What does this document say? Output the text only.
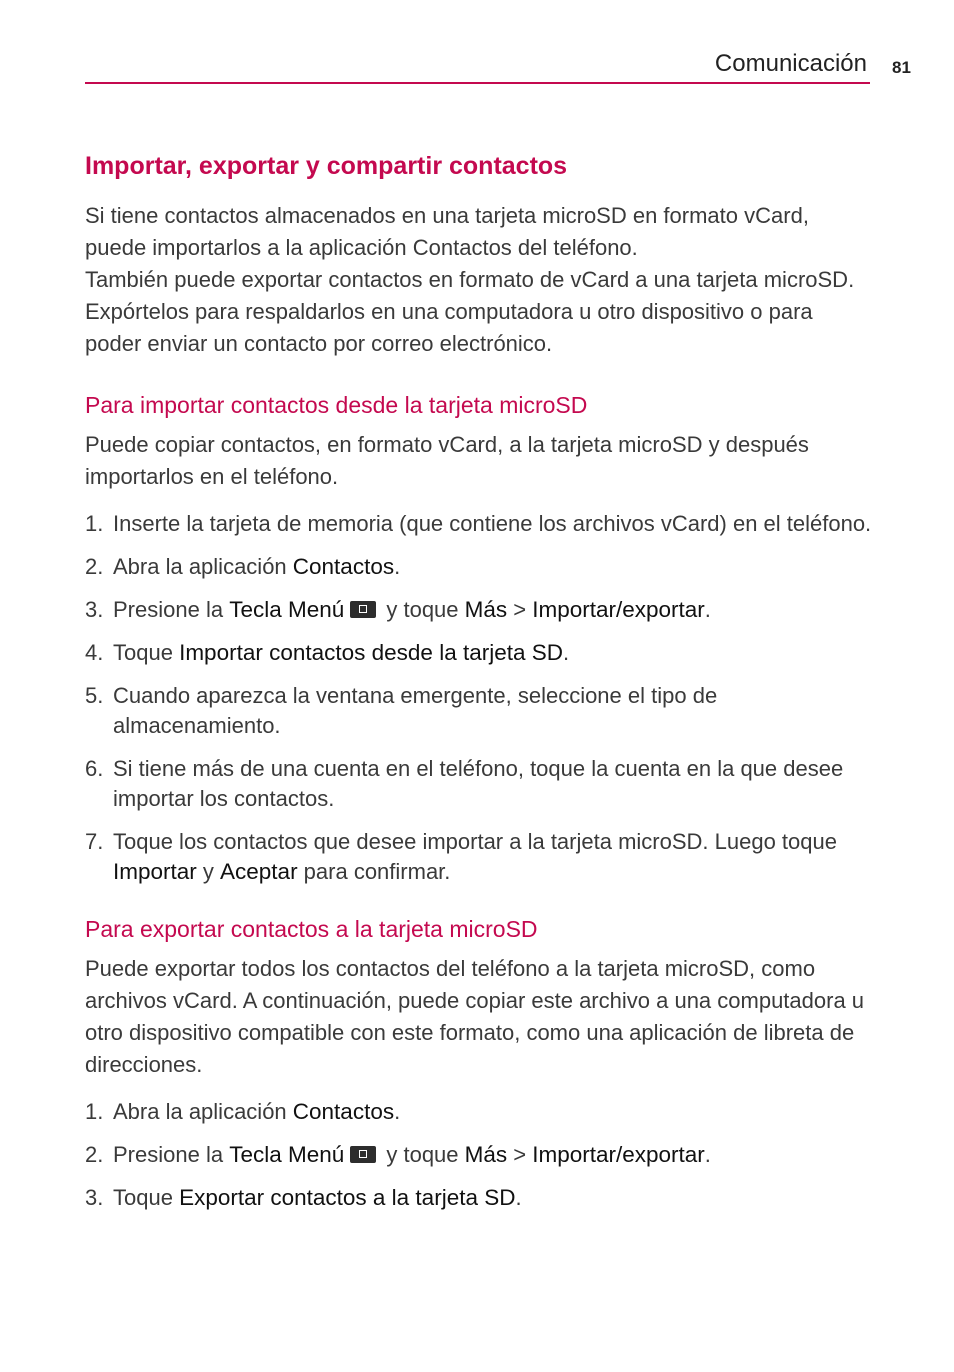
Comunicación 81
Importar, exportar y compartir contactos

Si tiene contactos almacenados en una tarjeta microSD en formato vCard, puede importarlos a la aplicación Contactos del teléfono.

También puede exportar contactos en formato de vCard a una tarjeta microSD. Expórtelos para respaldarlos en una computadora u otro dispositivo o para poder enviar un contacto por correo electrónico.

Para importar contactos desde la tarjeta microSD

Puede copiar contactos, en formato vCard, a la tarjeta microSD y después importarlos en el teléfono.

1. Inserte la tarjeta de memoria (que contiene los archivos vCard) en el teléfono.
2. Abra la aplicación Contactos.
3. Presione la Tecla Menú y toque Más > Importar/exportar.
4. Toque Importar contactos desde la tarjeta SD.
5. Cuando aparezca la ventana emergente, seleccione el tipo de almacenamiento.
6. Si tiene más de una cuenta en el teléfono, toque la cuenta en la que desee importar los contactos.
7. Toque los contactos que desee importar a la tarjeta microSD. Luego toque Importar y Aceptar para confirmar.
Para exportar contactos a la tarjeta microSD

Puede exportar todos los contactos del teléfono a la tarjeta microSD, como archivos vCard. A continuación, puede copiar este archivo a una computadora u otro dispositivo compatible con este formato, como una aplicación de libreta de direcciones.

1. Abra la aplicación Contactos.
2. Presione la Tecla Menú y toque Más > Importar/exportar.
3. Toque Exportar contactos a la tarjeta SD.
